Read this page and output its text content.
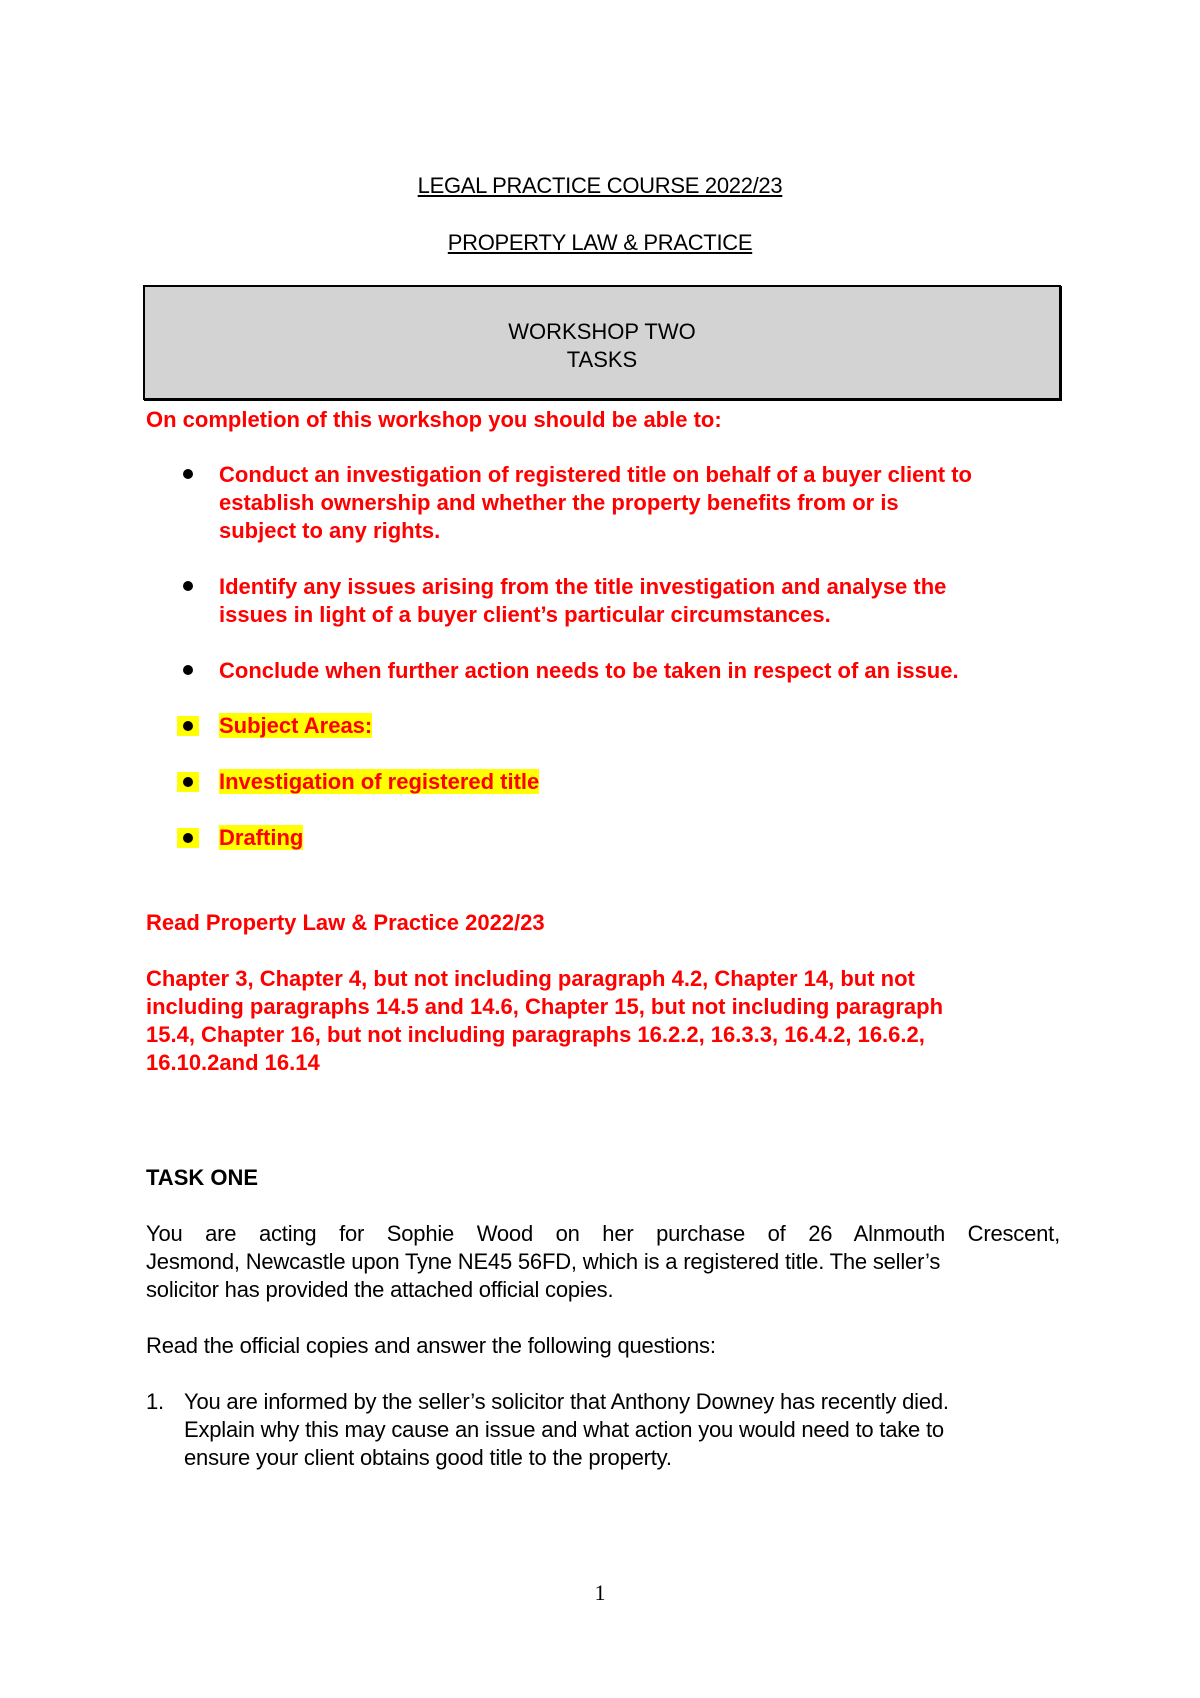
LEGAL PRACTICE COURSE 2022/23
PROPERTY LAW & PRACTICE
WORKSHOP TWO
TASKS
On completion of this workshop you should be able to:
Conduct an investigation of registered title on behalf of a buyer client to
establish ownership and whether the property benefits from or is
subject to any rights.
Identify any issues arising from the title investigation and analyse the
issues in light of a buyer client’s particular circumstances.
Conclude when further action needs to be taken in respect of an issue.
Subject Areas:
Investigation of registered title
Drafting
Read Property Law & Practice 2022/23
Chapter 3, Chapter 4, but not including paragraph 4.2, Chapter 14, but not
including paragraphs 14.5 and 14.6, Chapter 15, but not including paragraph
15.4, Chapter 16, but not including paragraphs 16.2.2, 16.3.3, 16.4.2, 16.6.2,
16.10.2and 16.14
TASK ONE
You are acting for Sophie Wood on her purchase of 26 Alnmouth Crescent,
Jesmond, Newcastle upon Tyne NE45 56FD, which is a registered title. The seller’s
solicitor has provided the attached official copies.
Read the official copies and answer the following questions:
1. You are informed by the seller’s solicitor that Anthony Downey has recently died.
Explain why this may cause an issue and what action you would need to take to
ensure your client obtains good title to the property.
1
